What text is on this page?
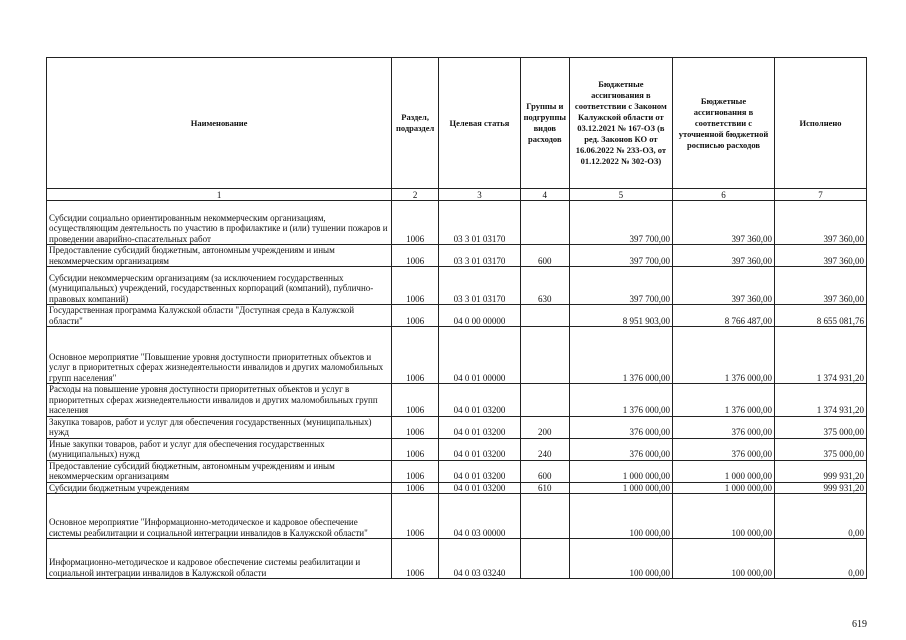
Наименование	Раздел, подраздел	Целевая статья	Группы и подгруппы видов расходов	Бюджетные ассигнования в соответствии с Законом Калужской области от 03.12.2021 № 167-ОЗ (в ред. Законов КО от 16.06.2022 № 233-ОЗ, от 01.12.2022 № 302-ОЗ)	Бюджетные ассигнования в соответствии с уточненной бюджетной росписью расходов	Исполнено
1	2	3	4	5	6	7
Субсидии социально ориентированным некоммерческим организациям, осуществляющим деятельность по участию в профилактике и (или) тушении пожаров и проведении аварийно-спасательных работ	1006	03 3 01 03170		397 700,00	397 360,00	397 360,00
Предоставление субсидий бюджетным, автономным учреждениям и иным некоммерческим организациям	1006	03 3 01 03170	600	397 700,00	397 360,00	397 360,00
Субсидии некоммерческим организациям (за исключением государственных (муниципальных) учреждений, государственных корпораций (компаний), публично-правовых компаний)	1006	03 3 01 03170	630	397 700,00	397 360,00	397 360,00
Государственная программа Калужской области "Доступная среда в Калужской области"	1006	04 0 00 00000		8 951 903,00	8 766 487,00	8 655 081,76
Основное мероприятие "Повышение уровня доступности приоритетных объектов и услуг в приоритетных сферах жизнедеятельности инвалидов и других маломобильных групп населения"	1006	04 0 01 00000		1 376 000,00	1 376 000,00	1 374 931,20
Расходы на повышение уровня доступности приоритетных объектов и услуг в приоритетных сферах жизнедеятельности инвалидов и других маломобильных групп населения	1006	04 0 01 03200		1 376 000,00	1 376 000,00	1 374 931,20
Закупка товаров, работ и услуг для обеспечения государственных (муниципальных) нужд	1006	04 0 01 03200	200	376 000,00	376 000,00	375 000,00
Иные закупки товаров, работ и услуг для обеспечения государственных (муниципальных) нужд	1006	04 0 01 03200	240	376 000,00	376 000,00	375 000,00
Предоставление субсидий бюджетным, автономным учреждениям и иным некоммерческим организациям	1006	04 0 01 03200	600	1 000 000,00	1 000 000,00	999 931,20
Субсидии бюджетным учреждениям	1006	04 0 01 03200	610	1 000 000,00	1 000 000,00	999 931,20
Основное мероприятие "Информационно-методическое и кадровое обеспечение системы реабилитации и социальной интеграции инвалидов в Калужской области"	1006	04 0 03 00000		100 000,00	100 000,00	0,00
Информационно-методическое и кадровое обеспечение системы реабилитации и социальной интеграции инвалидов в Калужской области	1006	04 0 03 03240		100 000,00	100 000,00	0,00
619
